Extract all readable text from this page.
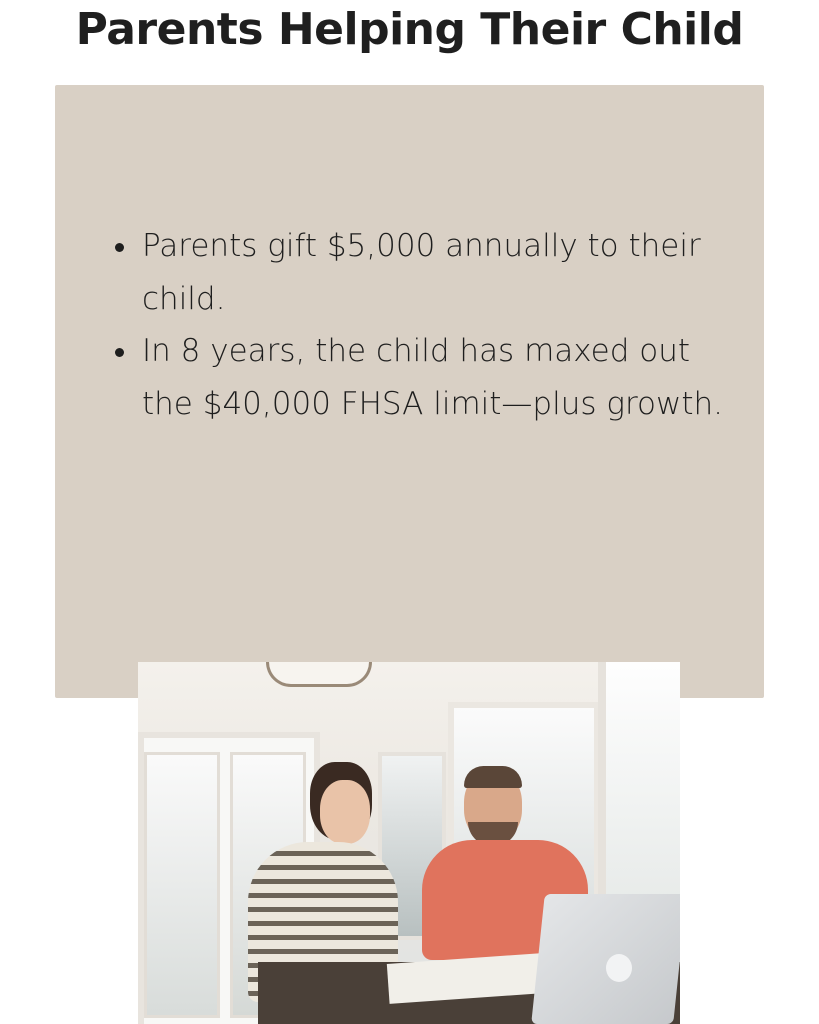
Parents Helping Their Child
• Parents gift $5,000 annually to their child.
• In 8 years, the child has maxed out the $40,000 FHSA limit—plus growth.
